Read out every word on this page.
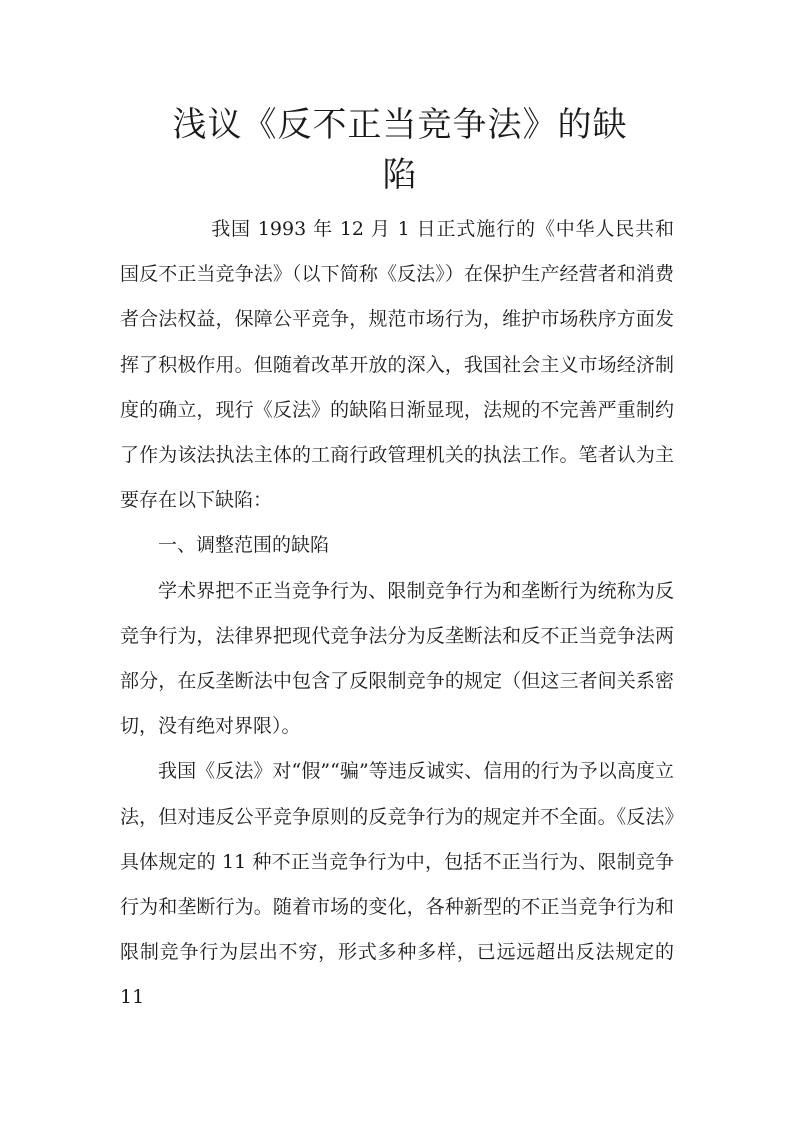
浅议《反不正当竞争法》的缺
陷

我国 1993 年 12 月 1 日正式施行的《中华人民共和国反不正当竞争法》（以下简称《反法》）在保护生产经营者和消费者合法权益，保障公平竞争，规范市场行为，维护市场秩序方面发挥了积极作用。但随着改革开放的深入，我国社会主义市场经济制度的确立，现行《反法》的缺陷日渐显现，法规的不完善严重制约了作为该法执法主体的工商行政管理机关的执法工作。笔者认为主要存在以下缺陷：

一、调整范围的缺陷

学术界把不正当竞争行为、限制竞争行为和垄断行为统称为反竞争行为，法律界把现代竞争法分为反垄断法和反不正当竞争法两部分，在反垄断法中包含了反限制竞争的规定（但这三者间关系密切，没有绝对界限）。

我国《反法》对“假”“骗”等违反诚实、信用的行为予以高度立法，但对违反公平竞争原则的反竞争行为的规定并不全面。《反法》具体规定的 11 种不正当竞争行为中，包括不正当行为、限制竞争行为和垄断行为。随着市场的变化，各种新型的不正当竞争行为和限制竞争行为层出不穷，形式多种多样，已远远超出反法规定的 11
